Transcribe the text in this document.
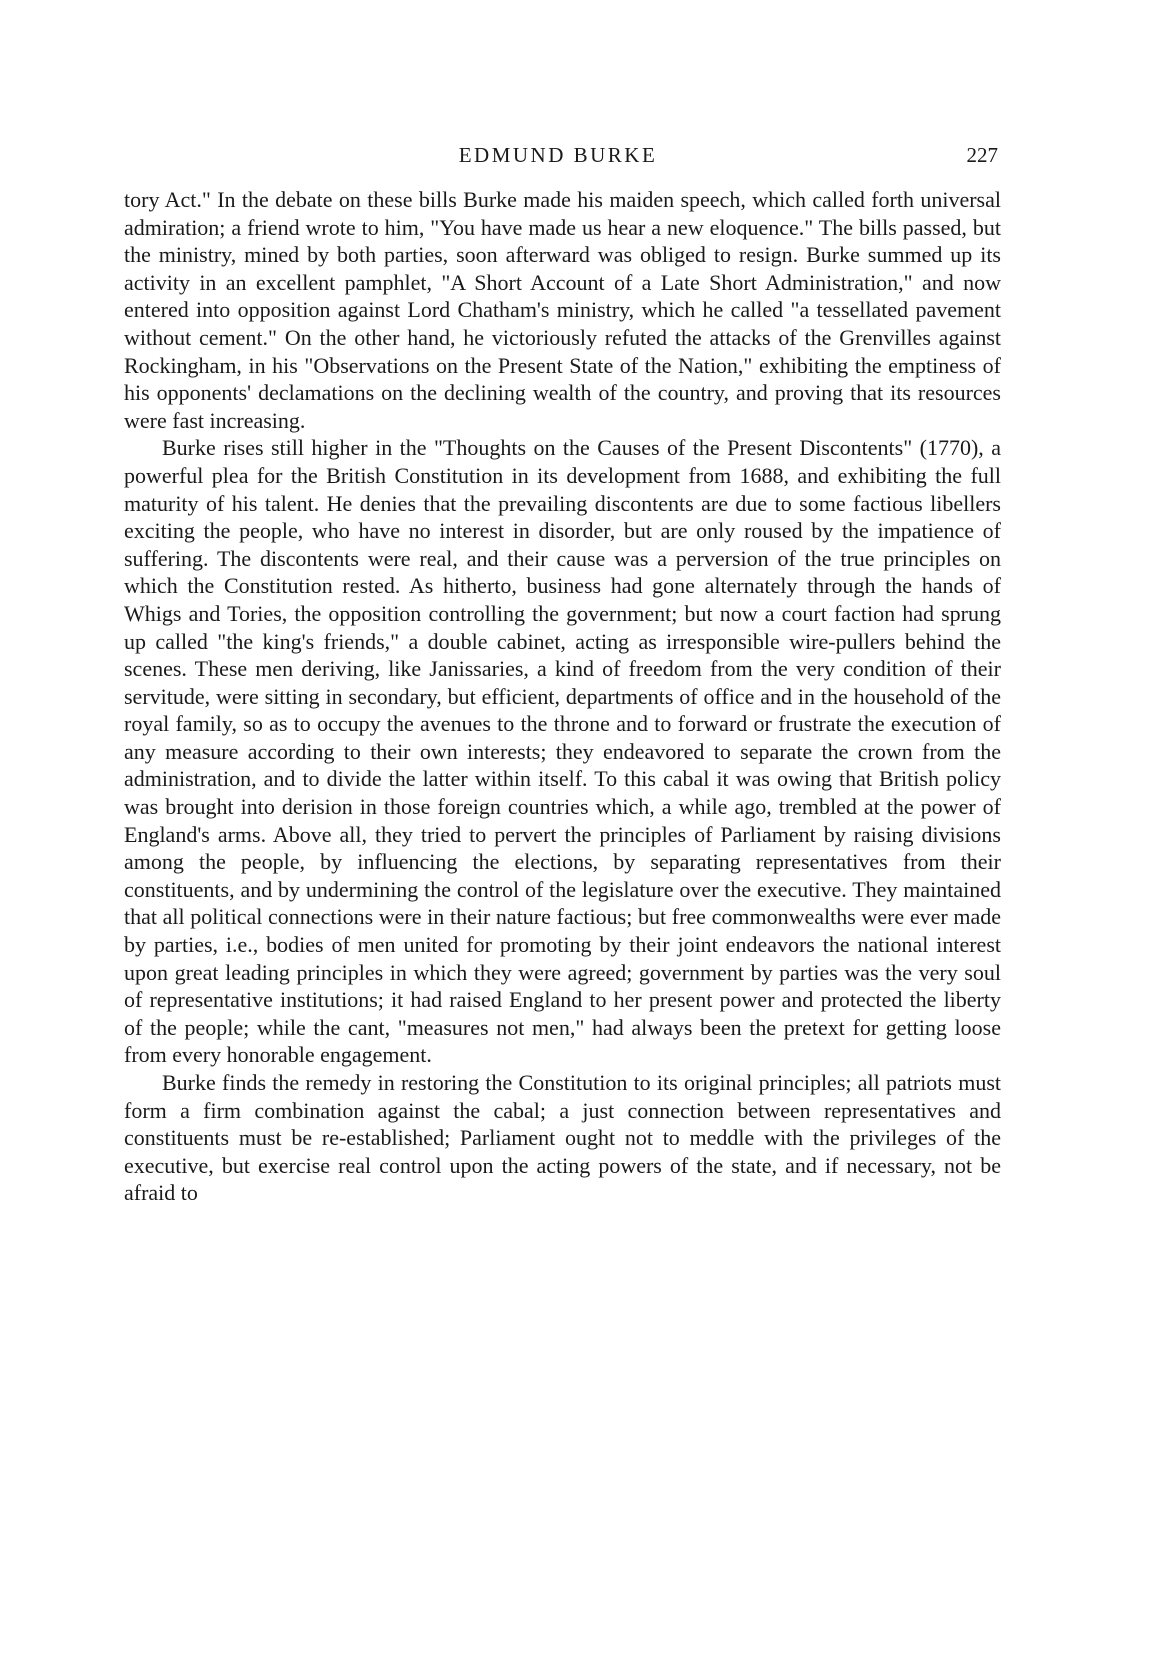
EDMUND BURKE	227

tory Act." In the debate on these bills Burke made his maiden speech, which called forth universal admiration; a friend wrote to him, "You have made us hear a new eloquence." The bills passed, but the ministry, mined by both parties, soon afterward was obliged to resign. Burke summed up its activity in an excellent pamphlet, "A Short Account of a Late Short Administration," and now entered into opposition against Lord Chatham's ministry, which he called "a tessellated pavement without cement." On the other hand, he victoriously refuted the attacks of the Grenvilles against Rockingham, in his "Observations on the Present State of the Nation," exhibiting the emptiness of his opponents' declamations on the declining wealth of the country, and proving that its resources were fast increasing.

Burke rises still higher in the "Thoughts on the Causes of the Present Discontents" (1770), a powerful plea for the British Constitution in its development from 1688, and exhibiting the full maturity of his talent. He denies that the prevailing discontents are due to some factious libellers exciting the people, who have no interest in disorder, but are only roused by the impatience of suffering. The discontents were real, and their cause was a perversion of the true principles on which the Constitution rested. As hitherto, business had gone alternately through the hands of Whigs and Tories, the opposition controlling the government; but now a court faction had sprung up called "the king's friends," a double cabinet, acting as irresponsible wire-pullers behind the scenes. These men deriving, like Janissaries, a kind of freedom from the very condition of their servitude, were sitting in secondary, but efficient, departments of office and in the household of the royal family, so as to occupy the avenues to the throne and to forward or frustrate the execution of any measure according to their own interests; they endeavored to separate the crown from the administration, and to divide the latter within itself. To this cabal it was owing that British policy was brought into derision in those foreign countries which, a while ago, trembled at the power of England's arms. Above all, they tried to pervert the principles of Parliament by raising divisions among the people, by influencing the elections, by separating representatives from their constituents, and by undermining the control of the legislature over the executive. They maintained that all political connections were in their nature factious; but free commonwealths were ever made by parties, i.e., bodies of men united for promoting by their joint endeavors the national interest upon great leading principles in which they were agreed; government by parties was the very soul of representative institutions; it had raised England to her present power and protected the liberty of the people; while the cant, "measures not men," had always been the pretext for getting loose from every honorable engagement.

Burke finds the remedy in restoring the Constitution to its original principles; all patriots must form a firm combination against the cabal; a just connection between representatives and constituents must be re-established; Parliament ought not to meddle with the privileges of the executive, but exercise real control upon the acting powers of the state, and if necessary, not be afraid to
